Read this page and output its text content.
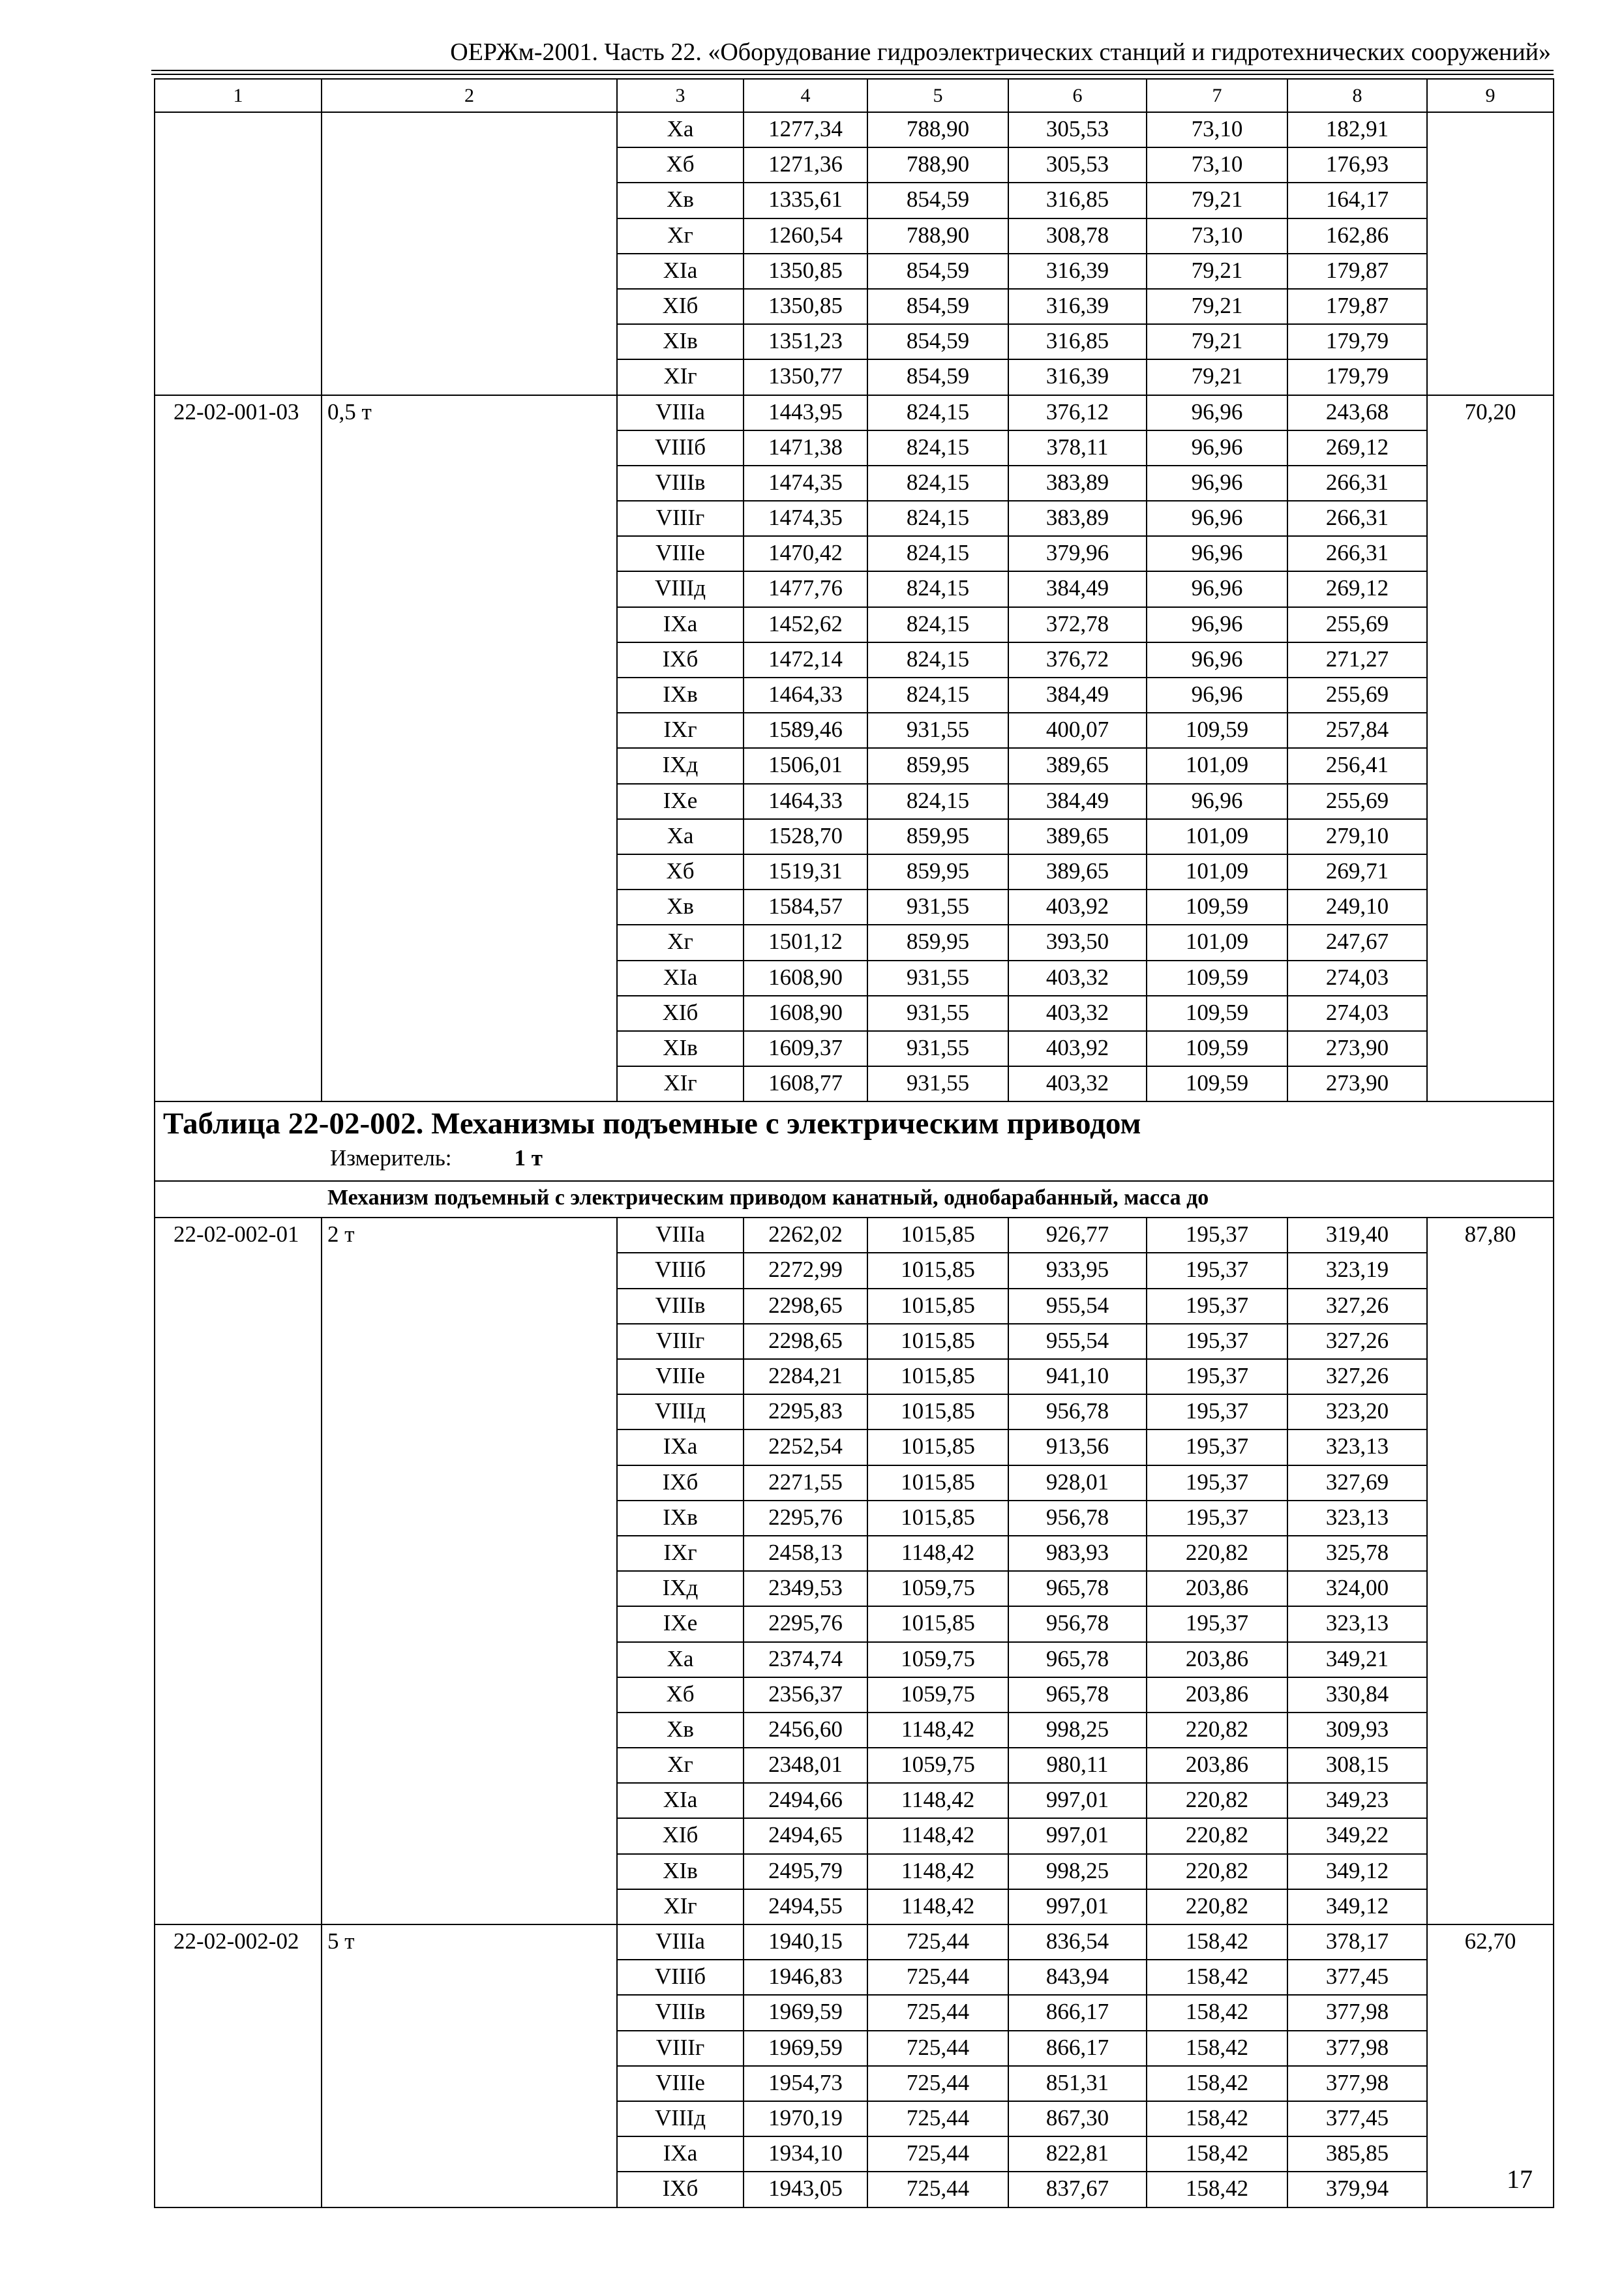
ОЕРЖм-2001. Часть 22. «Оборудование гидроэлектрических станций и гидротехнических сооружений»
1	2	3	4	5	6	7	8	9
		Xа	1277,34	788,90	305,53	73,10	182,91	
		Xб	1271,36	788,90	305,53	73,10	176,93	
		Xв	1335,61	854,59	316,85	79,21	164,17	
		Xг	1260,54	788,90	308,78	73,10	162,86	
		XIа	1350,85	854,59	316,39	79,21	179,87	
		XIб	1350,85	854,59	316,39	79,21	179,87	
		XIв	1351,23	854,59	316,85	79,21	179,79	
		XIг	1350,77	854,59	316,39	79,21	179,79	
22-02-001-03	0,5 т	VIIIа	1443,95	824,15	376,12	96,96	243,68	70,20
		VIIIб	1471,38	824,15	378,11	96,96	269,12	
		VIIIв	1474,35	824,15	383,89	96,96	266,31	
		VIIIг	1474,35	824,15	383,89	96,96	266,31	
		VIIIе	1470,42	824,15	379,96	96,96	266,31	
		VIIIд	1477,76	824,15	384,49	96,96	269,12	
		IXа	1452,62	824,15	372,78	96,96	255,69	
		IXб	1472,14	824,15	376,72	96,96	271,27	
		IXв	1464,33	824,15	384,49	96,96	255,69	
		IXг	1589,46	931,55	400,07	109,59	257,84	
		IXд	1506,01	859,95	389,65	101,09	256,41	
		IXе	1464,33	824,15	384,49	96,96	255,69	
		Xа	1528,70	859,95	389,65	101,09	279,10	
		Xб	1519,31	859,95	389,65	101,09	269,71	
		Xв	1584,57	931,55	403,92	109,59	249,10	
		Xг	1501,12	859,95	393,50	101,09	247,67	
		XIа	1608,90	931,55	403,32	109,59	274,03	
		XIб	1608,90	931,55	403,32	109,59	274,03	
		XIв	1609,37	931,55	403,92	109,59	273,90	
		XIг	1608,77	931,55	403,32	109,59	273,90	

Таблица 22-02-002. Механизмы подъемные с электрическим приводом
Измеритель: 1 т								

Механизм подъемный с электрическим приводом канатный, однобарабанный, масса до								
22-02-002-01	2 т	VIIIа	2262,02	1015,85	926,77	195,37	319,40	87,80
		VIIIб	2272,99	1015,85	933,95	195,37	323,19	
		VIIIв	2298,65	1015,85	955,54	195,37	327,26	
		VIIIг	2298,65	1015,85	955,54	195,37	327,26	
		VIIIе	2284,21	1015,85	941,10	195,37	327,26	
		VIIIд	2295,83	1015,85	956,78	195,37	323,20	
		IXа	2252,54	1015,85	913,56	195,37	323,13	
		IXб	2271,55	1015,85	928,01	195,37	327,69	
		IXв	2295,76	1015,85	956,78	195,37	323,13	
		IXг	2458,13	1148,42	983,93	220,82	325,78	
		IXд	2349,53	1059,75	965,78	203,86	324,00	
		IXе	2295,76	1015,85	956,78	195,37	323,13	
		Xа	2374,74	1059,75	965,78	203,86	349,21	
		Xб	2356,37	1059,75	965,78	203,86	330,84	
		Xв	2456,60	1148,42	998,25	220,82	309,93	
		Xг	2348,01	1059,75	980,11	203,86	308,15	
		XIа	2494,66	1148,42	997,01	220,82	349,23	
		XIб	2494,65	1148,42	997,01	220,82	349,22	
		XIв	2495,79	1148,42	998,25	220,82	349,12	
		XIг	2494,55	1148,42	997,01	220,82	349,12	
22-02-002-02	5 т	VIIIа	1940,15	725,44	836,54	158,42	378,17	62,70
		VIIIб	1946,83	725,44	843,94	158,42	377,45	
		VIIIв	1969,59	725,44	866,17	158,42	377,98	
		VIIIг	1969,59	725,44	866,17	158,42	377,98	
		VIIIе	1954,73	725,44	851,31	158,42	377,98	
		VIIIд	1970,19	725,44	867,30	158,42	377,45	
		IXа	1934,10	725,44	822,81	158,42	385,85	
		IXб	1943,05	725,44	837,67	158,42	379,94		17
